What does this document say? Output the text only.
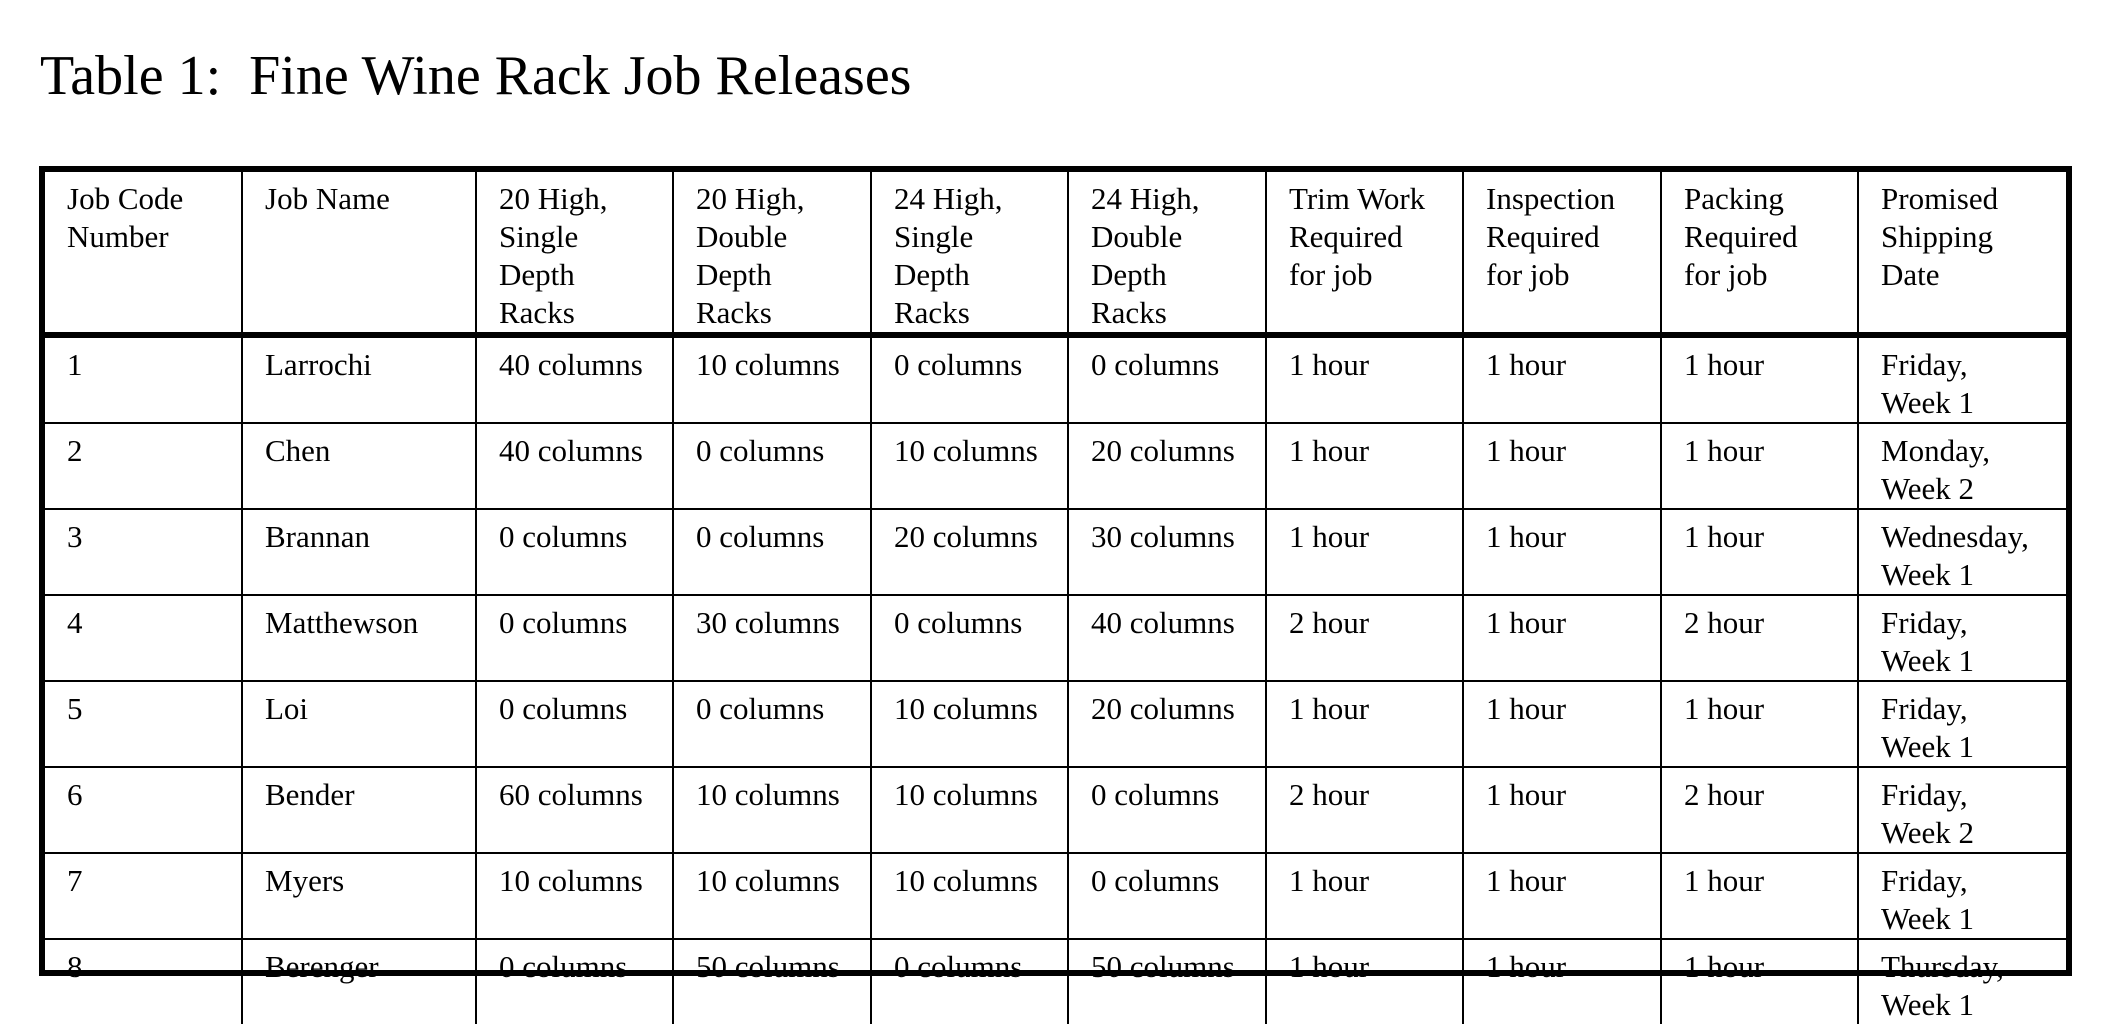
Table 1:  Fine Wine Rack Job Releases
Job Code
Number	Job Name	20 High,
Single
Depth
Racks	20 High,
Double
Depth
Racks	24 High,
Single
Depth
Racks	24 High,
Double
Depth
Racks	Trim Work
Required
for job	Inspection
Required
for job	Packing
Required
for job	Promised
Shipping
Date
1	Larrochi	40 columns	10 columns	0 columns	0 columns	1 hour	1 hour	1 hour	Friday,
Week 1
2	Chen	40 columns	0 columns	10 columns	20 columns	1 hour	1 hour	1 hour	Monday,
Week 2
3	Brannan	0 columns	0 columns	20 columns	30 columns	1 hour	1 hour	1 hour	Wednesday,
Week 1
4	Matthewson	0 columns	30 columns	0 columns	40 columns	2 hour	1 hour	2 hour	Friday,
Week 1
5	Loi	0 columns	0 columns	10 columns	20 columns	1 hour	1 hour	1 hour	Friday,
Week 1
6	Bender	60 columns	10 columns	10 columns	0 columns	2 hour	1 hour	2 hour	Friday,
Week 2
7	Myers	10 columns	10 columns	10 columns	0 columns	1 hour	1 hour	1 hour	Friday,
Week 1
8	Berenger	0 columns	50 columns	0 columns	50 columns	1 hour	1 hour	1 hour	Thursday,
Week 1
